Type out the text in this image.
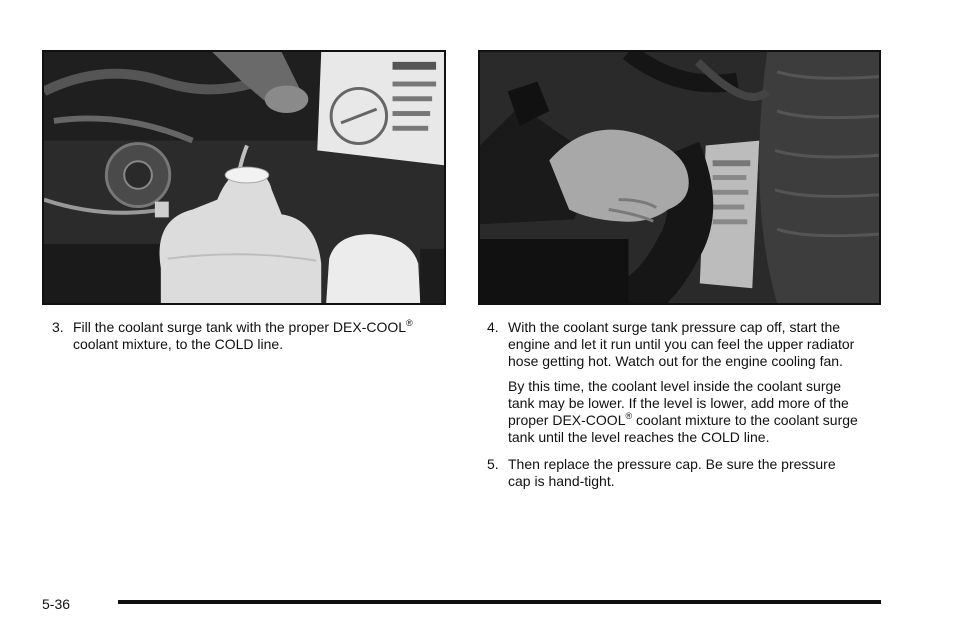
3. Fill the coolant surge tank with the proper DEX-COOL® coolant mixture, to the COLD line.

4. With the coolant surge tank pressure cap off, start the engine and let it run until you can feel the upper radiator hose getting hot. Watch out for the engine cooling fan.

By this time, the coolant level inside the coolant surge tank may be lower. If the level is lower, add more of the proper DEX-COOL® coolant mixture to the coolant surge tank until the level reaches the COLD line.

5. Then replace the pressure cap. Be sure the pressure cap is hand-tight.

5-36
